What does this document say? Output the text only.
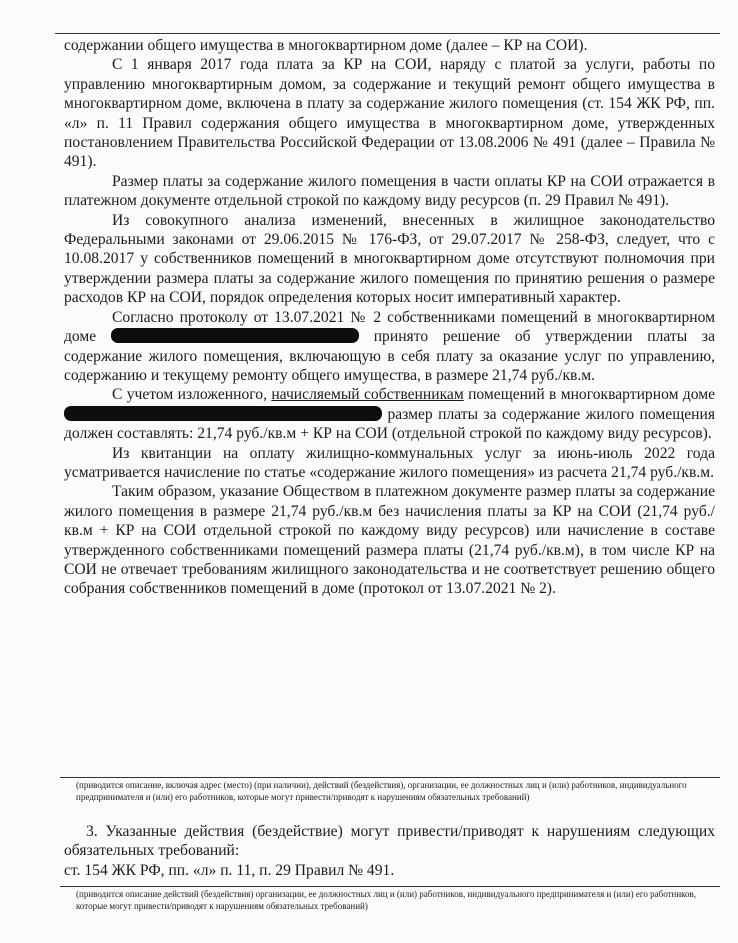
содержании общего имущества в многоквартирном доме (далее – КР на СОИ).

С 1 января 2017 года плата за КР на СОИ, наряду с платой за услуги, работы по управлению многоквартирным домом, за содержание и текущий ремонт общего имущества в многоквартирном доме, включена в плату за содержание жилого помещения (ст. 154 ЖК РФ, пп. «л» п. 11 Правил содержания общего имущества в многоквартирном доме, утвержденных постановлением Правительства Российской Федерации от 13.08.2006 № 491 (далее – Правила № 491).

Размер платы за содержание жилого помещения в части оплаты КР на СОИ отражается в платежном документе отдельной строкой по каждому виду ресурсов (п. 29 Правил № 491).

Из совокупного анализа изменений, внесенных в жилищное законодательство Федеральными законами от 29.06.2015 № 176-ФЗ, от 29.07.2017 № 258-ФЗ, следует, что с 10.08.2017 у собственников помещений в многоквартирном доме отсутствуют полномочия при утверждении размера платы за содержание жилого помещения по принятию решения о размере расходов КР на СОИ, порядок определения которых носит императивный характер.

Согласно протоколу от 13.07.2021 № 2 собственниками помещений в многоквартирном доме	принято решение об утверждении платы за содержание жилого помещения, включающую в себя плату за оказание услуг по управлению, содержанию и текущему ремонту общего имущества, в размере 21,74 руб./кв.м.

С учетом изложенного, начисляемый собственникам помещений в многоквартирном доме  размер платы за содержание жилого помещения должен составлять: 21,74 руб./кв.м + КР на СОИ (отдельной строкой по каждому виду ресурсов).

Из квитанции на оплату жилищно-коммунальных услуг за июнь-июль 2022 года усматривается начисление по статье «содержание жилого помещения» из расчета 21,74 руб./кв.м.

Таким образом, указание Обществом в платежном документе размер платы за содержание жилого помещения в размере 21,74 руб./кв.м без начисления платы за КР на СОИ (21,74 руб./кв.м + КР на СОИ отдельной строкой по каждому виду ресурсов) или начисление в составе утвержденного собственниками помещений размера платы (21,74 руб./кв.м), в том числе КР на СОИ не отвечает требованиям жилищного законодательства и не соответствует решению общего собрания собственников помещений в доме (протокол от 13.07.2021 № 2).

(приводится описание, включая адрес (место) (при наличии), действий (бездействия), организации, ее должностных лиц и (или) работников, индивидуального предпринимателя и (или) его работников, которые могут привести/приводят к нарушениям обязательных требований)

3. Указанные действия (бездействие) могут привести/приводят к нарушениям следующих обязательных требований:

ст. 154 ЖК РФ, пп. «л» п. 11, п. 29 Правил № 491.

(приводится описание действий (бездействия) организации, ее должностных лиц и (или) работников, индивидуального предпринимателя и (или) его работников, которые могут привести/приводят к нарушениям обязательных требований)
